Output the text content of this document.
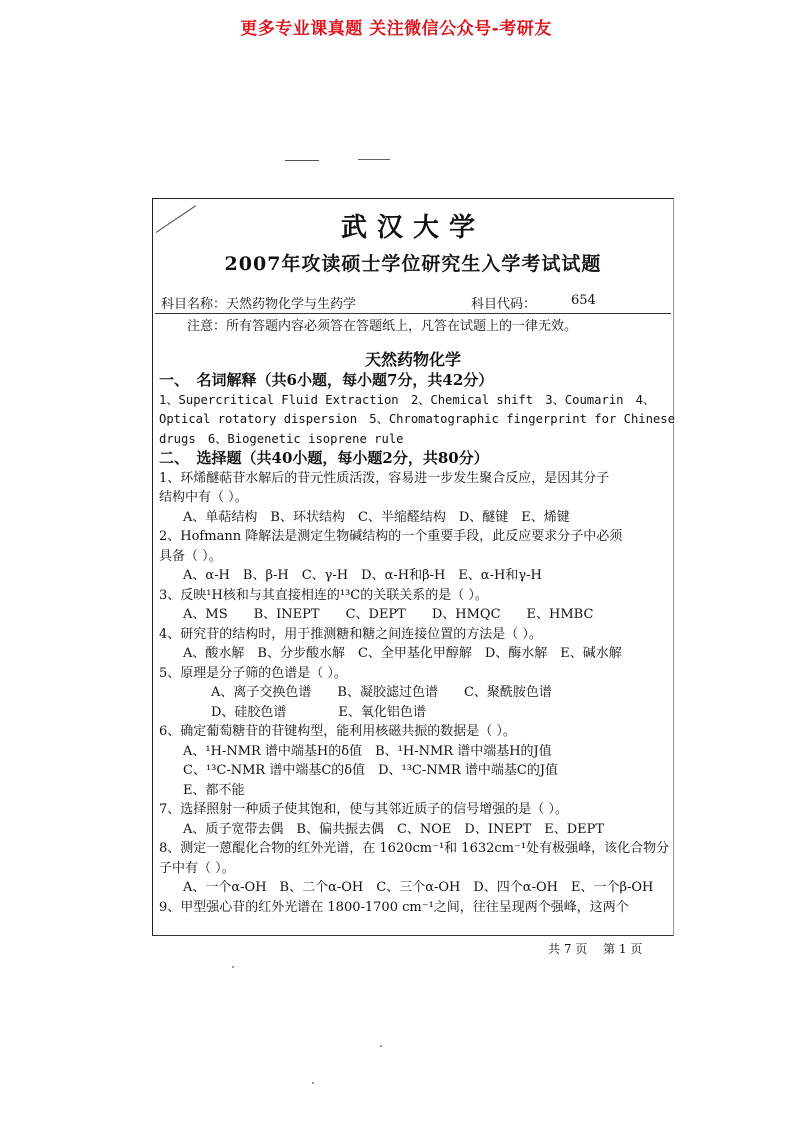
更多专业课真题 关注微信公众号-考研友
武汉大学
2007年攻读硕士学位研究生入学考试试题
科目名称：天然药物化学与生药学	科目代码：	654
注意：所有答题内容必须答在答题纸上，凡答在试题上的一律无效。
天然药物化学
一、　名词解释（共6小题，每小题7分，共42分）
1、Supercritical Fluid Extraction　2、Chemical shift　3、Coumarin　4、
Optical rotatory dispersion　5、Chromatographic fingerprint for Chinese
drugs　6、Biogenetic isoprene rule
二、　选择题（共40小题，每小题2分，共80分）
1、环烯醚萜苷水解后的苷元性质活泼，容易进一步发生聚合反应，是因其分子
结构中有（ ）。
A、单萜结构　B、环状结构　C、半缩醛结构　D、醚键　E、烯键
2、Hofmann 降解法是测定生物碱结构的一个重要手段，此反应要求分子中必须
具备（ ）。
A、α-H　B、β-H　C、γ-H　D、α-H和β-H　E、α-H和γ-H
3、反映¹H核和与其直接相连的¹³C的关联关系的是（ ）。
A、MS　　B、INEPT　　C、DEPT　　D、HMQC　　E、HMBC
4、研究苷的结构时，用于推测糖和糖之间连接位置的方法是（ ）。
A、酸水解　B、分步酸水解　C、全甲基化甲醇解　D、酶水解　E、碱水解
5、原理是分子筛的色谱是（ ）。
A、离子交换色谱　　B、凝胶滤过色谱　　C、聚酰胺色谱
D、硅胶色谱　　　　E、氧化铝色谱
6、确定葡萄糖苷的苷键构型，能利用核磁共振的数据是（ ）。
A、¹H-NMR 谱中端基H的δ值　B、¹H-NMR 谱中端基H的J值
C、¹³C-NMR 谱中端基C的δ值　D、¹³C-NMR 谱中端基C的J值
E、都不能
7、选择照射一种质子使其饱和，使与其邻近质子的信号增强的是（ ）。
A、质子宽带去偶　B、偏共振去偶　C、NOE　D、INEPT　E、DEPT
8、测定一蒽醌化合物的红外光谱，在 1620cm⁻¹和 1632cm⁻¹处有极强峰，该化合物分
子中有（ ）。
A、一个α-OH　B、二个α-OH　C、三个α-OH　D、四个α-OH　E、一个β-OH
9、甲型强心苷的红外光谱在 1800-1700 cm⁻¹之间，往往呈现两个强峰，这两个
共 7 页 第 1 页
